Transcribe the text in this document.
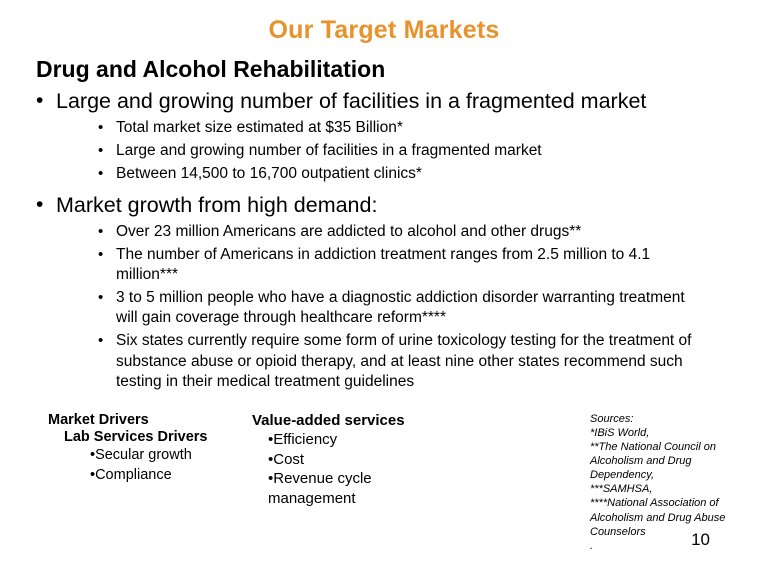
Our Target Markets
Drug and Alcohol Rehabilitation
• Large and growing number of facilities in a fragmented market
• Total market size estimated at $35 Billion*
• Large and growing number of facilities in a fragmented market
• Between 14,500 to 16,700 outpatient clinics*
• Market growth from high demand:
• Over 23 million Americans are addicted to alcohol and other drugs**
• The number of Americans in addiction treatment ranges from 2.5 million to 4.1 million***
• 3 to 5 million people who have a diagnostic addiction disorder warranting treatment will gain coverage through healthcare reform****
• Six states currently require some form of urine toxicology testing for the treatment of substance abuse or opioid therapy, and at least nine other states recommend such testing in their medical treatment guidelines
Market Drivers
Lab Services Drivers
•Secular growth
•Compliance
Value-added services
•Efficiency
•Cost
•Revenue cycle management
Sources:
*IBiS World,
**The National Council on Alcoholism and Drug Dependency,
***SAMHSA,
****National Association of Alcoholism and Drug Abuse Counselors
.	10
